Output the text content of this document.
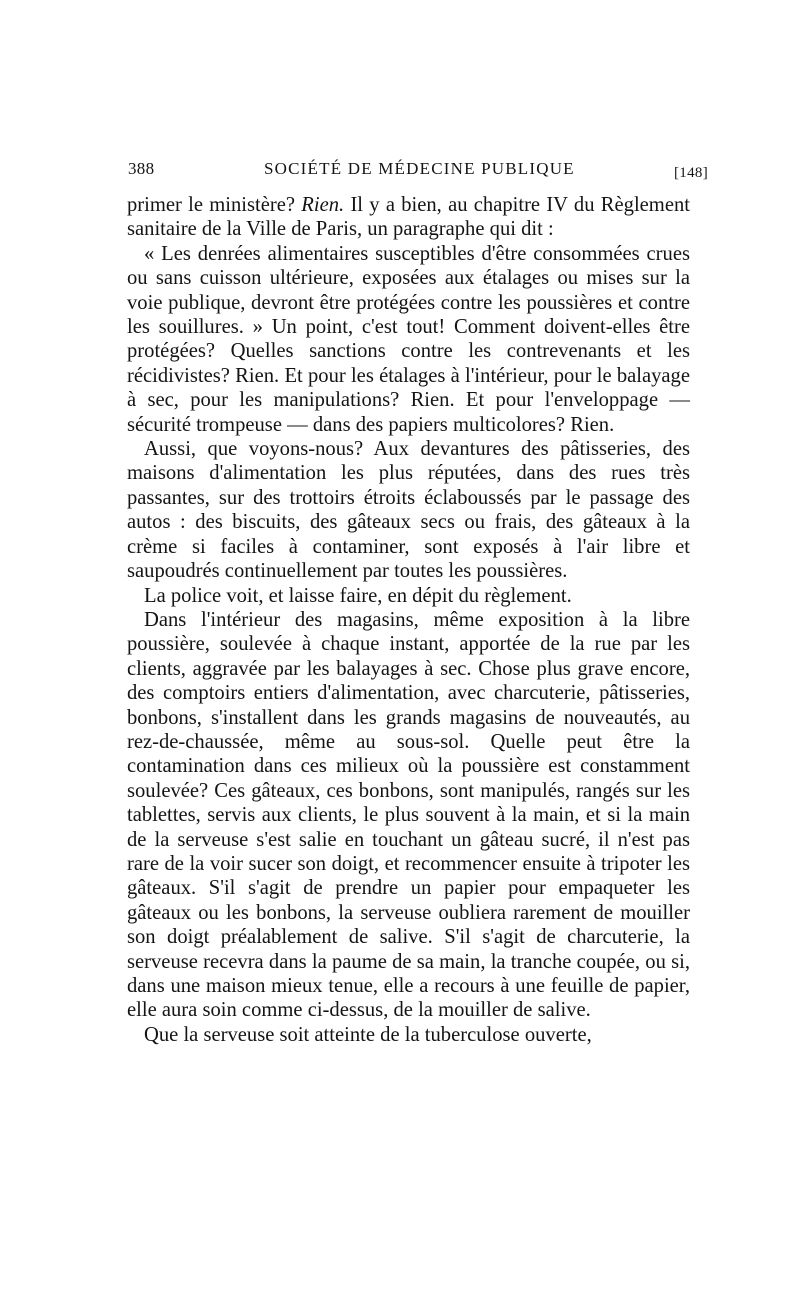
388	SOCIÉTÉ DE MÉDECINE PUBLIQUE	[148]

primer le ministère? Rien. Il y a bien, au chapitre IV du Règlement sanitaire de la Ville de Paris, un paragraphe qui dit :

« Les denrées alimentaires susceptibles d'être consommées crues ou sans cuisson ultérieure, exposées aux étalages ou mises sur la voie publique, devront être protégées contre les poussières et contre les souillures. » Un point, c'est tout! Comment doivent-elles être protégées? Quelles sanctions contre les contrevenants et les récidivistes? Rien. Et pour les étalages à l'intérieur, pour le balayage à sec, pour les manipulations? Rien. Et pour l'enveloppage — sécurité trompeuse — dans des papiers multicolores? Rien.

Aussi, que voyons-nous? Aux devantures des pâtisseries, des maisons d'alimentation les plus réputées, dans des rues très passantes, sur des trottoirs étroits éclaboussés par le passage des autos : des biscuits, des gâteaux secs ou frais, des gâteaux à la crème si faciles à contaminer, sont exposés à l'air libre et saupoudrés continuellement par toutes les poussières.

La police voit, et laisse faire, en dépit du règlement.

Dans l'intérieur des magasins, même exposition à la libre poussière, soulevée à chaque instant, apportée de la rue par les clients, aggravée par les balayages à sec. Chose plus grave encore, des comptoirs entiers d'alimentation, avec charcuterie, pâtisseries, bonbons, s'installent dans les grands magasins de nouveautés, au rez-de-chaussée, même au sous-sol. Quelle peut être la contamination dans ces milieux où la poussière est constamment soulevée? Ces gâteaux, ces bonbons, sont manipulés, rangés sur les tablettes, servis aux clients, le plus souvent à la main, et si la main de la serveuse s'est salie en touchant un gâteau sucré, il n'est pas rare de la voir sucer son doigt, et recommencer ensuite à tripoter les gâteaux. S'il s'agit de prendre un papier pour empaqueter les gâteaux ou les bonbons, la serveuse oubliera rarement de mouiller son doigt préalablement de salive. S'il s'agit de charcuterie, la serveuse recevra dans la paume de sa main, la tranche coupée, ou si, dans une maison mieux tenue, elle a recours à une feuille de papier, elle aura soin comme ci-dessus, de la mouiller de salive.

Que la serveuse soit atteinte de la tuberculose ouverte,
